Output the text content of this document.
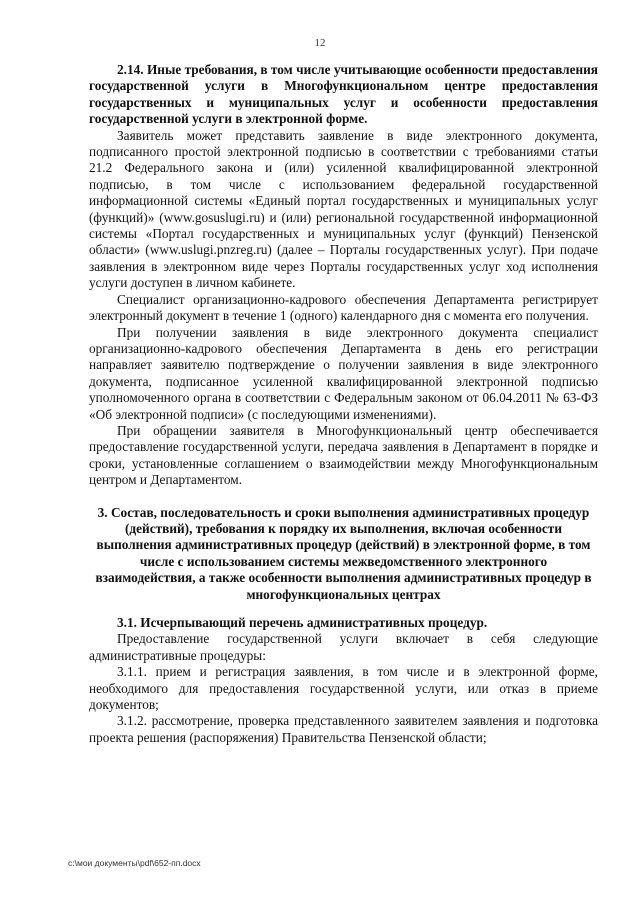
12

2.14. Иные требования, в том числе учитывающие особенности предоставления государственной услуги в Многофункциональном центре предоставления государственных и муниципальных услуг и особенности предоставления государственной услуги в электронной форме.

Заявитель может представить заявление в виде электронного документа, подписанного простой электронной подписью в соответствии с требованиями статьи 21.2 Федерального закона и (или) усиленной квалифицированной электронной подписью, в том числе с использованием федеральной государственной информационной системы «Единый портал государственных и муниципальных услуг (функций)» (www.gosuslugi.ru) и (или) региональной государственной информационной системы «Портал государственных и муниципальных услуг (функций) Пензенской области» (www.uslugi.pnzreg.ru) (далее – Порталы государственных услуг). При подаче заявления в электронном виде через Порталы государственных услуг ход исполнения услуги доступен в личном кабинете.

Специалист организационно-кадрового обеспечения Департамента регистрирует электронный документ в течение 1 (одного) календарного дня с момента его получения.

При получении заявления в виде электронного документа специалист организационно-кадрового обеспечения Департамента в день его регистрации направляет заявителю подтверждение о получении заявления в виде электронного документа, подписанное усиленной квалифицированной электронной подписью уполномоченного органа в соответствии с Федеральным законом от 06.04.2011 № 63-ФЗ «Об электронной подписи» (с последующими изменениями).

При обращении заявителя в Многофункциональный центр обеспечивается предоставление государственной услуги, передача заявления в Департамент в порядке и сроки, установленные соглашением о взаимодействии между Многофункциональным центром и Департаментом.

3. Состав, последовательность и сроки выполнения административных процедур (действий), требования к порядку их выполнения, включая особенности выполнения административных процедур (действий) в электронной форме, в том числе с использованием системы межведомственного электронного взаимодействия, а также особенности выполнения административных процедур в многофункциональных центрах

3.1. Исчерпывающий перечень административных процедур.

Предоставление государственной услуги включает в себя следующие административные процедуры:

3.1.1. прием и регистрация заявления, в том числе и в электронной форме, необходимого для предоставления государственной услуги, или отказ в приеме документов;

3.1.2. рассмотрение, проверка представленного заявителем заявления и подготовка проекта решения (распоряжения) Правительства Пензенской области;

c:\мои документы\pdf\652-пп.docx
